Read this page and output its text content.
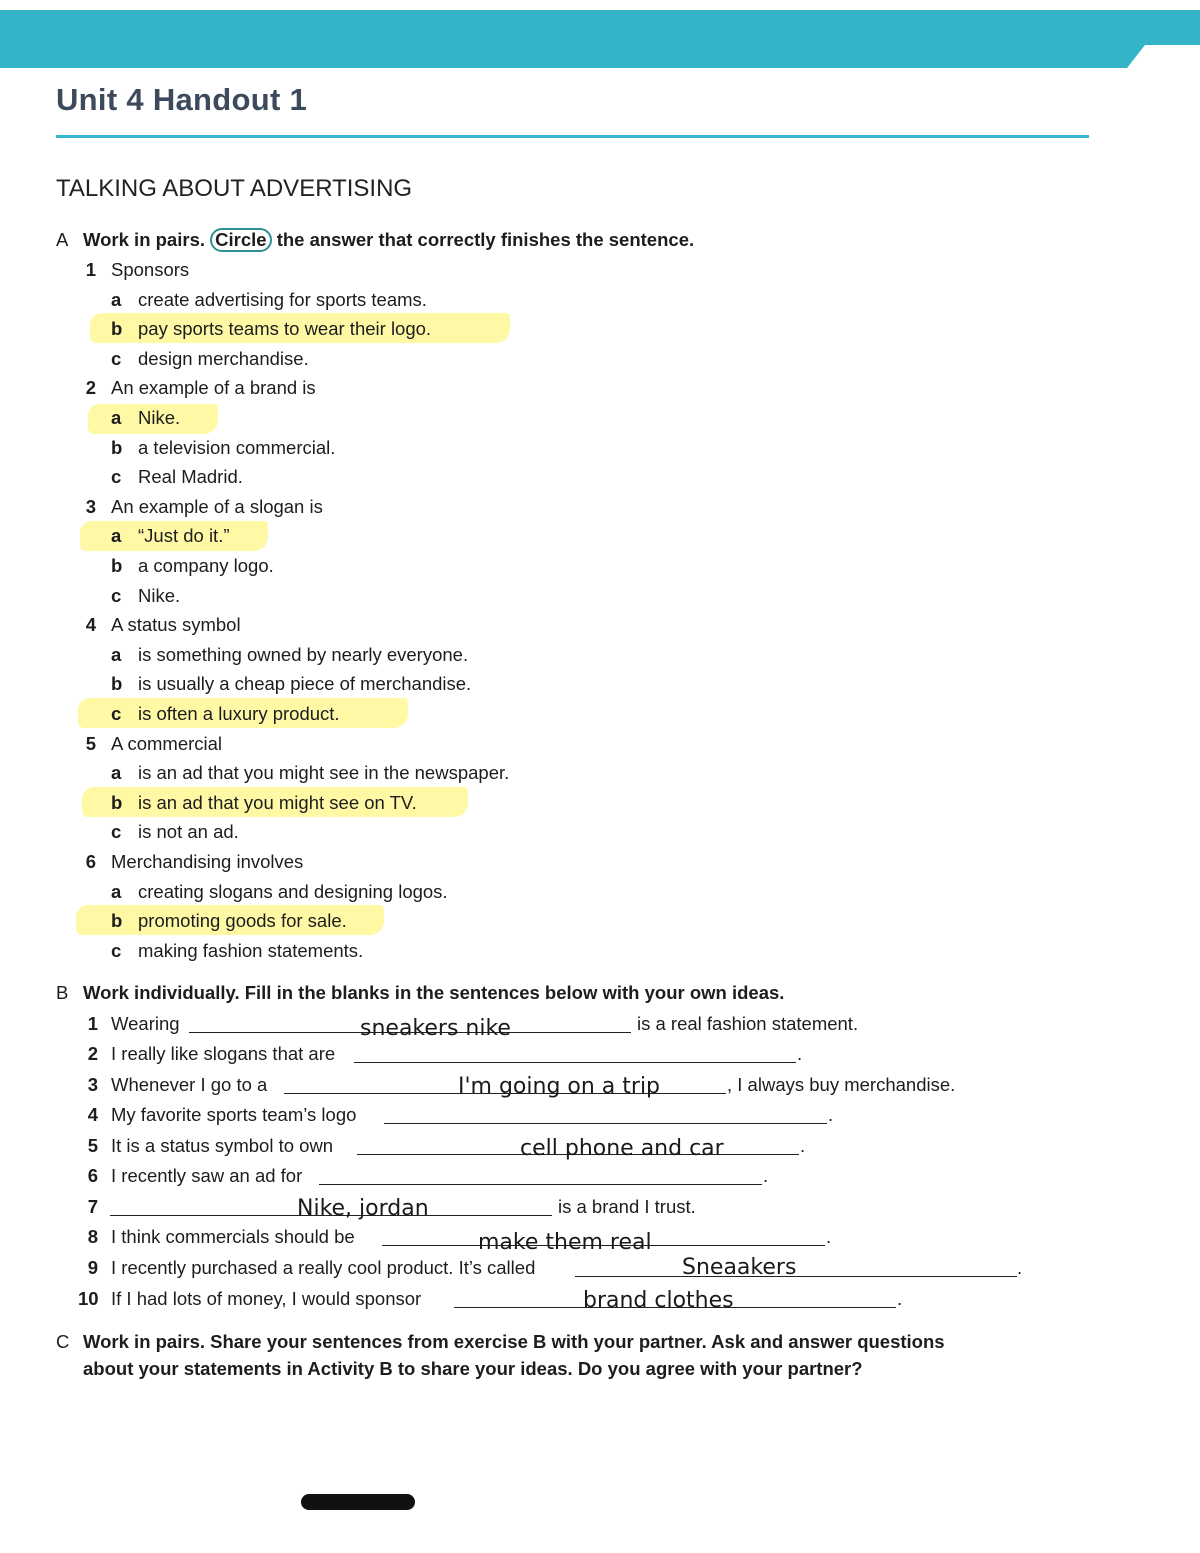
Unit 4 Handout 1
TALKING ABOUT ADVERTISING
A Work in pairs. Circle the answer that correctly finishes the sentence.
1 Sponsors
a create advertising for sports teams.
b pay sports teams to wear their logo.
c design merchandise.
2 An example of a brand is
a Nike.
b a television commercial.
c Real Madrid.
3 An example of a slogan is
a “Just do it.”
b a company logo.
c Nike.
4 A status symbol
a is something owned by nearly everyone.
b is usually a cheap piece of merchandise.
c is often a luxury product.
5 A commercial
a is an ad that you might see in the newspaper.
b is an ad that you might see on TV.
c is not an ad.
6 Merchandising involves
a creating slogans and designing logos.
b promoting goods for sale.
c making fashion statements.
B Work individually. Fill in the blanks in the sentences below with your own ideas.
1 Wearing	sneakers nike	is a real fashion statement.
2 I really like slogans that are	.
3 Whenever I go to a	I'm going on a trip	, I always buy merchandise.
4 My favorite sports team’s logo	.
5 It is a status symbol to own	cell phone and car	.
6 I recently saw an ad for	.
7	Nike, jordan	is a brand I trust.
8 I think commercials should be	make them real	.
9 I recently purchased a really cool product. It’s called	Sneaakers	.
10 If I had lots of money, I would sponsor	brand clothes	.
C Work in pairs. Share your sentences from exercise B with your partner. Ask and answer questions
about your statements in Activity B to share your ideas. Do you agree with your partner?
